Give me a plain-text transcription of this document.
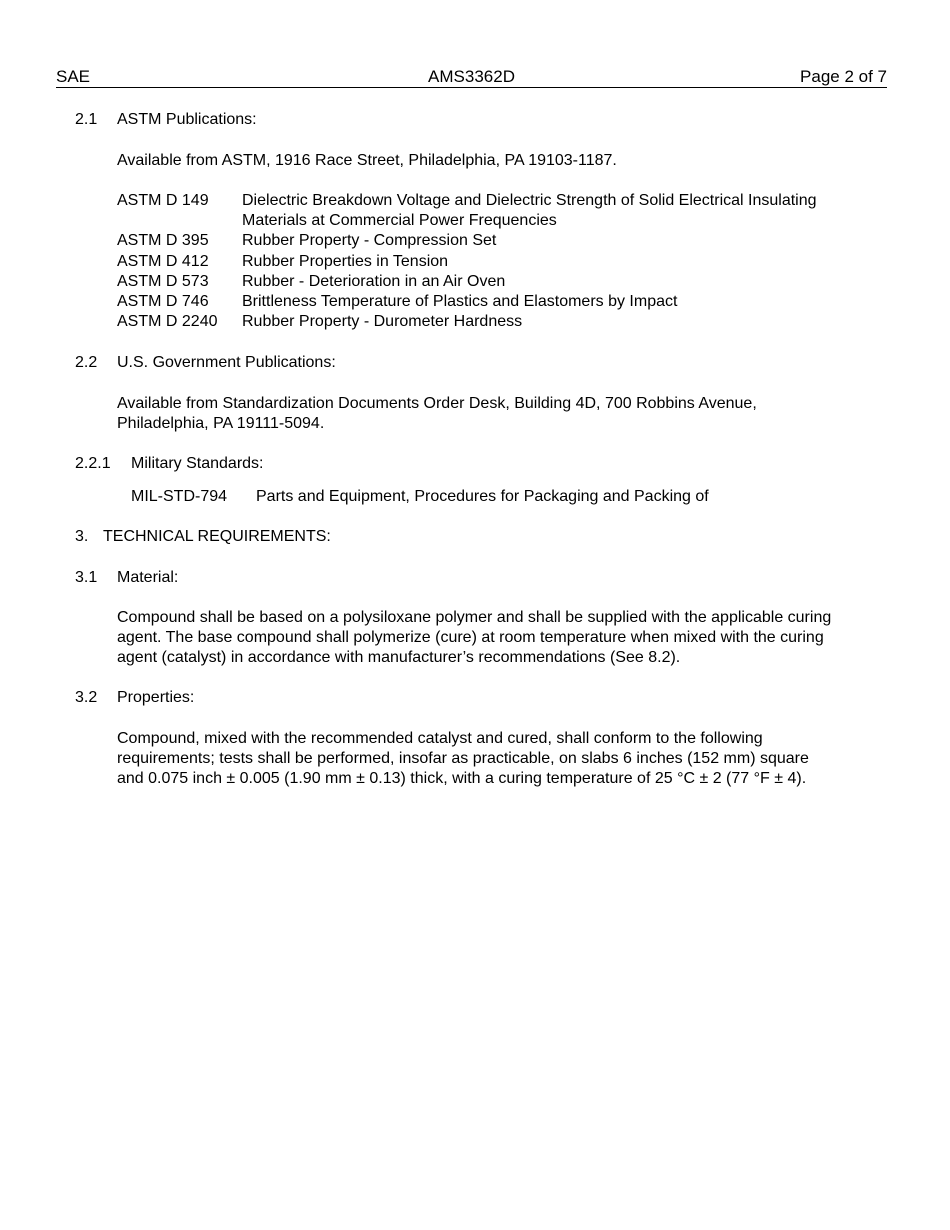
SAE	AMS3362D	Page 2 of 7
2.1 ASTM Publications:
Available from ASTM, 1916 Race Street, Philadelphia, PA 19103-1187.
ASTM D 149 Dielectric Breakdown Voltage and Dielectric Strength of Solid Electrical Insulating
Materials at Commercial Power Frequencies
ASTM D 395 Rubber Property - Compression Set
ASTM D 412 Rubber Properties in Tension
ASTM D 573 Rubber - Deterioration in an Air Oven
ASTM D 746 Brittleness Temperature of Plastics and Elastomers by Impact
ASTM D 2240 Rubber Property - Durometer Hardness
2.2 U.S. Government Publications:
Available from Standardization Documents Order Desk, Building 4D, 700 Robbins Avenue,
Philadelphia, PA 19111-5094.
2.2.1 Military Standards:
MIL-STD-794 Parts and Equipment, Procedures for Packaging and Packing of
3. TECHNICAL REQUIREMENTS:
3.1 Material:
Compound shall be based on a polysiloxane polymer and shall be supplied with the applicable curing
agent. The base compound shall polymerize (cure) at room temperature when mixed with the curing
agent (catalyst) in accordance with manufacturer’s recommendations (See 8.2).
3.2 Properties:
Compound, mixed with the recommended catalyst and cured, shall conform to the following
requirements; tests shall be performed, insofar as practicable, on slabs 6 inches (152 mm) square
and 0.075 inch ± 0.005 (1.90 mm ± 0.13) thick, with a curing temperature of 25 °C ± 2 (77 °F ± 4).
